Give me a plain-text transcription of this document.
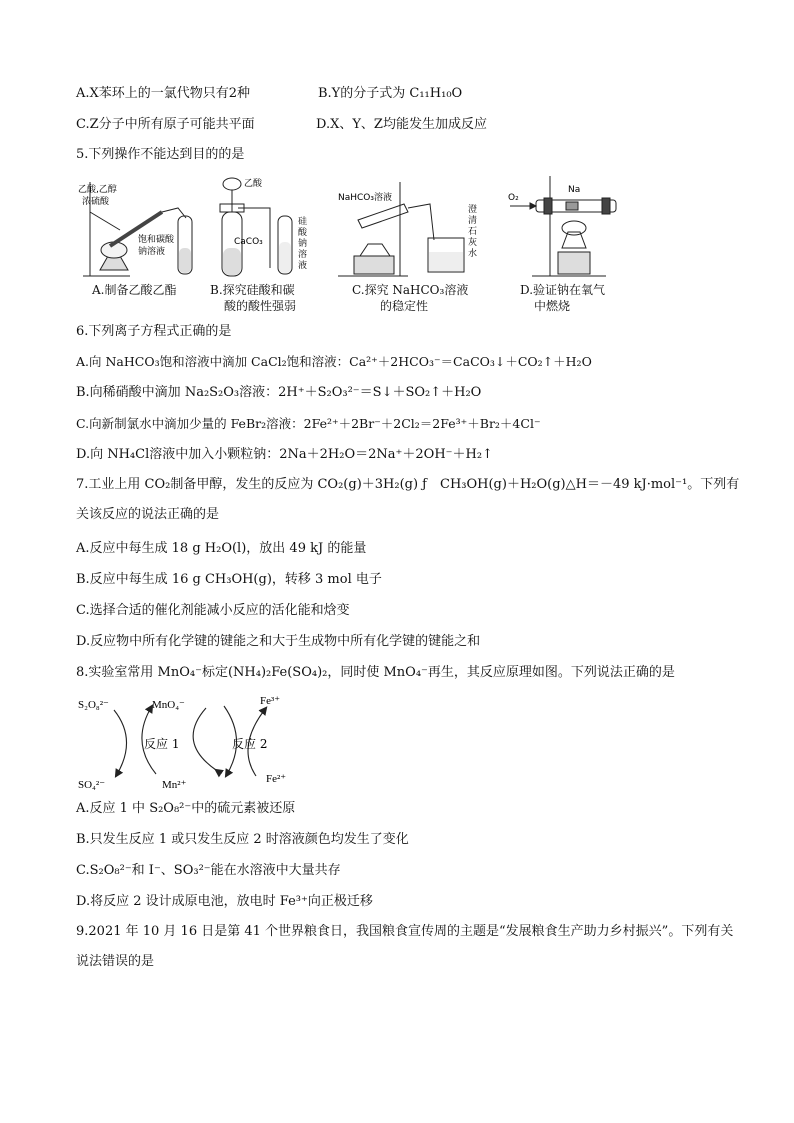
A.X苯环上的一氯代物只有2种	B.Y的分子式为 C₁₁H₁₀O
C.Z分子中所有原子可能共平面	D.X、Y、Z均能发生加成反应
5.下列操作不能达到目的的是
乙酸,乙醇
浓硫酸
饱和碳酸
钠溶液
A.制备乙酸乙酯
乙酸
CaCO₃
硅
酸
钠
溶
液
B.探究硅酸和碳
酸的酸性强弱
NaHCO₃溶液
澄
清
石
灰
水
C.探究 NaHCO₃溶液
的稳定性
O₂
Na
D.验证钠在氧气
中燃烧
6.下列离子方程式正确的是
A.向 NaHCO₃饱和溶液中滴加 CaCl₂饱和溶液：Ca²⁺＋2HCO₃⁻＝CaCO₃↓＋CO₂↑＋H₂O
B.向稀硝酸中滴加 Na₂S₂O₃溶液：2H⁺＋S₂O₃²⁻＝S↓＋SO₂↑＋H₂O
C.向新制氯水中滴加少量的 FeBr₂溶液：2Fe²⁺＋2Br⁻＋2Cl₂＝2Fe³⁺＋Br₂＋4Cl⁻
D.向 NH₄Cl溶液中加入小颗粒钠：2Na＋2H₂O＝2Na⁺＋2OH⁻＋H₂↑
7.工业上用 CO₂制备甲醇，发生的反应为 CO₂(g)＋3H₂(g) ƒ　CH₃OH(g)＋H₂O(g)△H＝－49 kJ·mol⁻¹。下列有关该反应的说法正确的是
A.反应中每生成 18 g H₂O(l)，放出 49 kJ 的能量
B.反应中每生成 16 g CH₃OH(g)，转移 3 mol 电子
C.选择合适的催化剂能减小反应的活化能和焓变
D.反应物中所有化学键的键能之和大于生成物中所有化学键的键能之和
8.实验室常用 MnO₄⁻标定(NH₄)₂Fe(SO₄)₂，同时使 MnO₄⁻再生，其反应原理如图。下列说法正确的是
S₂O₈²⁻	MnO₄⁻	Fe³⁺
SO₄²⁻	Mn²⁺	Fe²⁺
反应 1	反应 2
A.反应 1 中 S₂O₈²⁻中的硫元素被还原
B.只发生反应 1 或只发生反应 2 时溶液颜色均发生了变化
C.S₂O₈²⁻和 I⁻、SO₃²⁻能在水溶液中大量共存
D.将反应 2 设计成原电池，放电时 Fe³⁺向正极迁移
9.2021 年 10 月 16 日是第 41 个世界粮食日，我国粮食宣传周的主题是“发展粮食生产助力乡村振兴”。下列有关说法错误的是
